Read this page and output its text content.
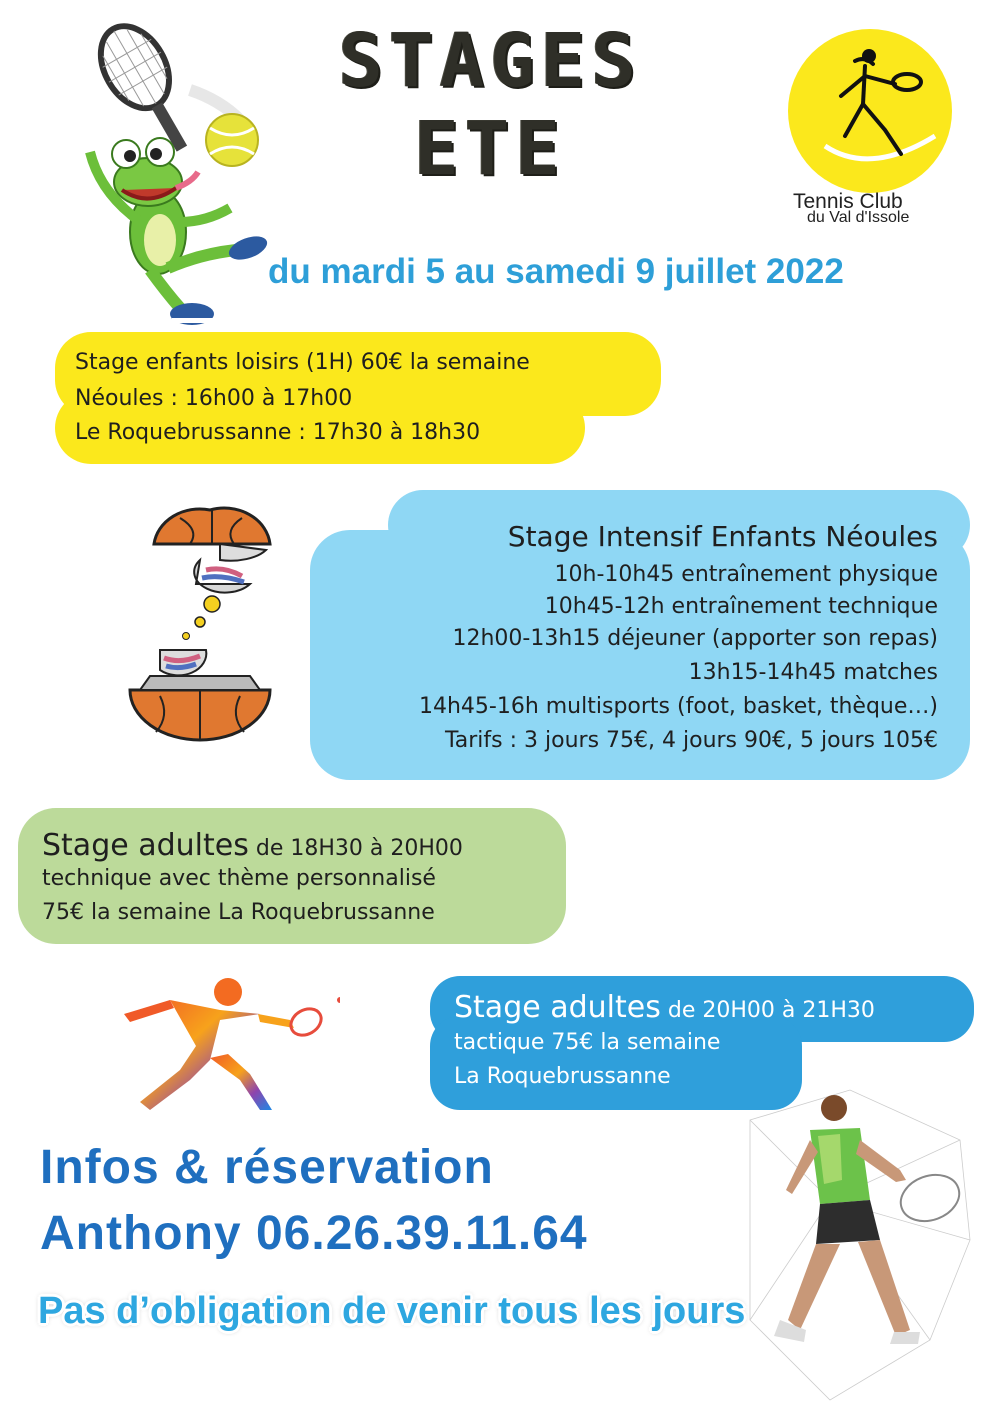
STAGES
ETE
Tennis Club
du Val d'Issole
du mardi 5 au samedi 9 juillet 2022
Stage enfants loisirs (1H) 60€ la semaine
Néoules : 16h00 à 17h00
Le Roquebrussanne : 17h30 à 18h30
Stage Intensif Enfants Néoules
10h-10h45 entraînement physique
10h45-12h entraînement technique
12h00-13h15 déjeuner (apporter son repas)
13h15-14h45 matches
14h45-16h multisports (foot, basket, thèque…)
Tarifs : 3 jours 75€, 4 jours 90€, 5 jours 105€
Stage adultes de 18H30 à 20H00
technique avec thème personnalisé
75€ la semaine La Roquebrussanne
Stage adultes de 20H00 à 21H30
tactique 75€ la semaine
La Roquebrussanne
Infos & réservation
Anthony 06.26.39.11.64
Pas d’obligation de venir tous les jours
